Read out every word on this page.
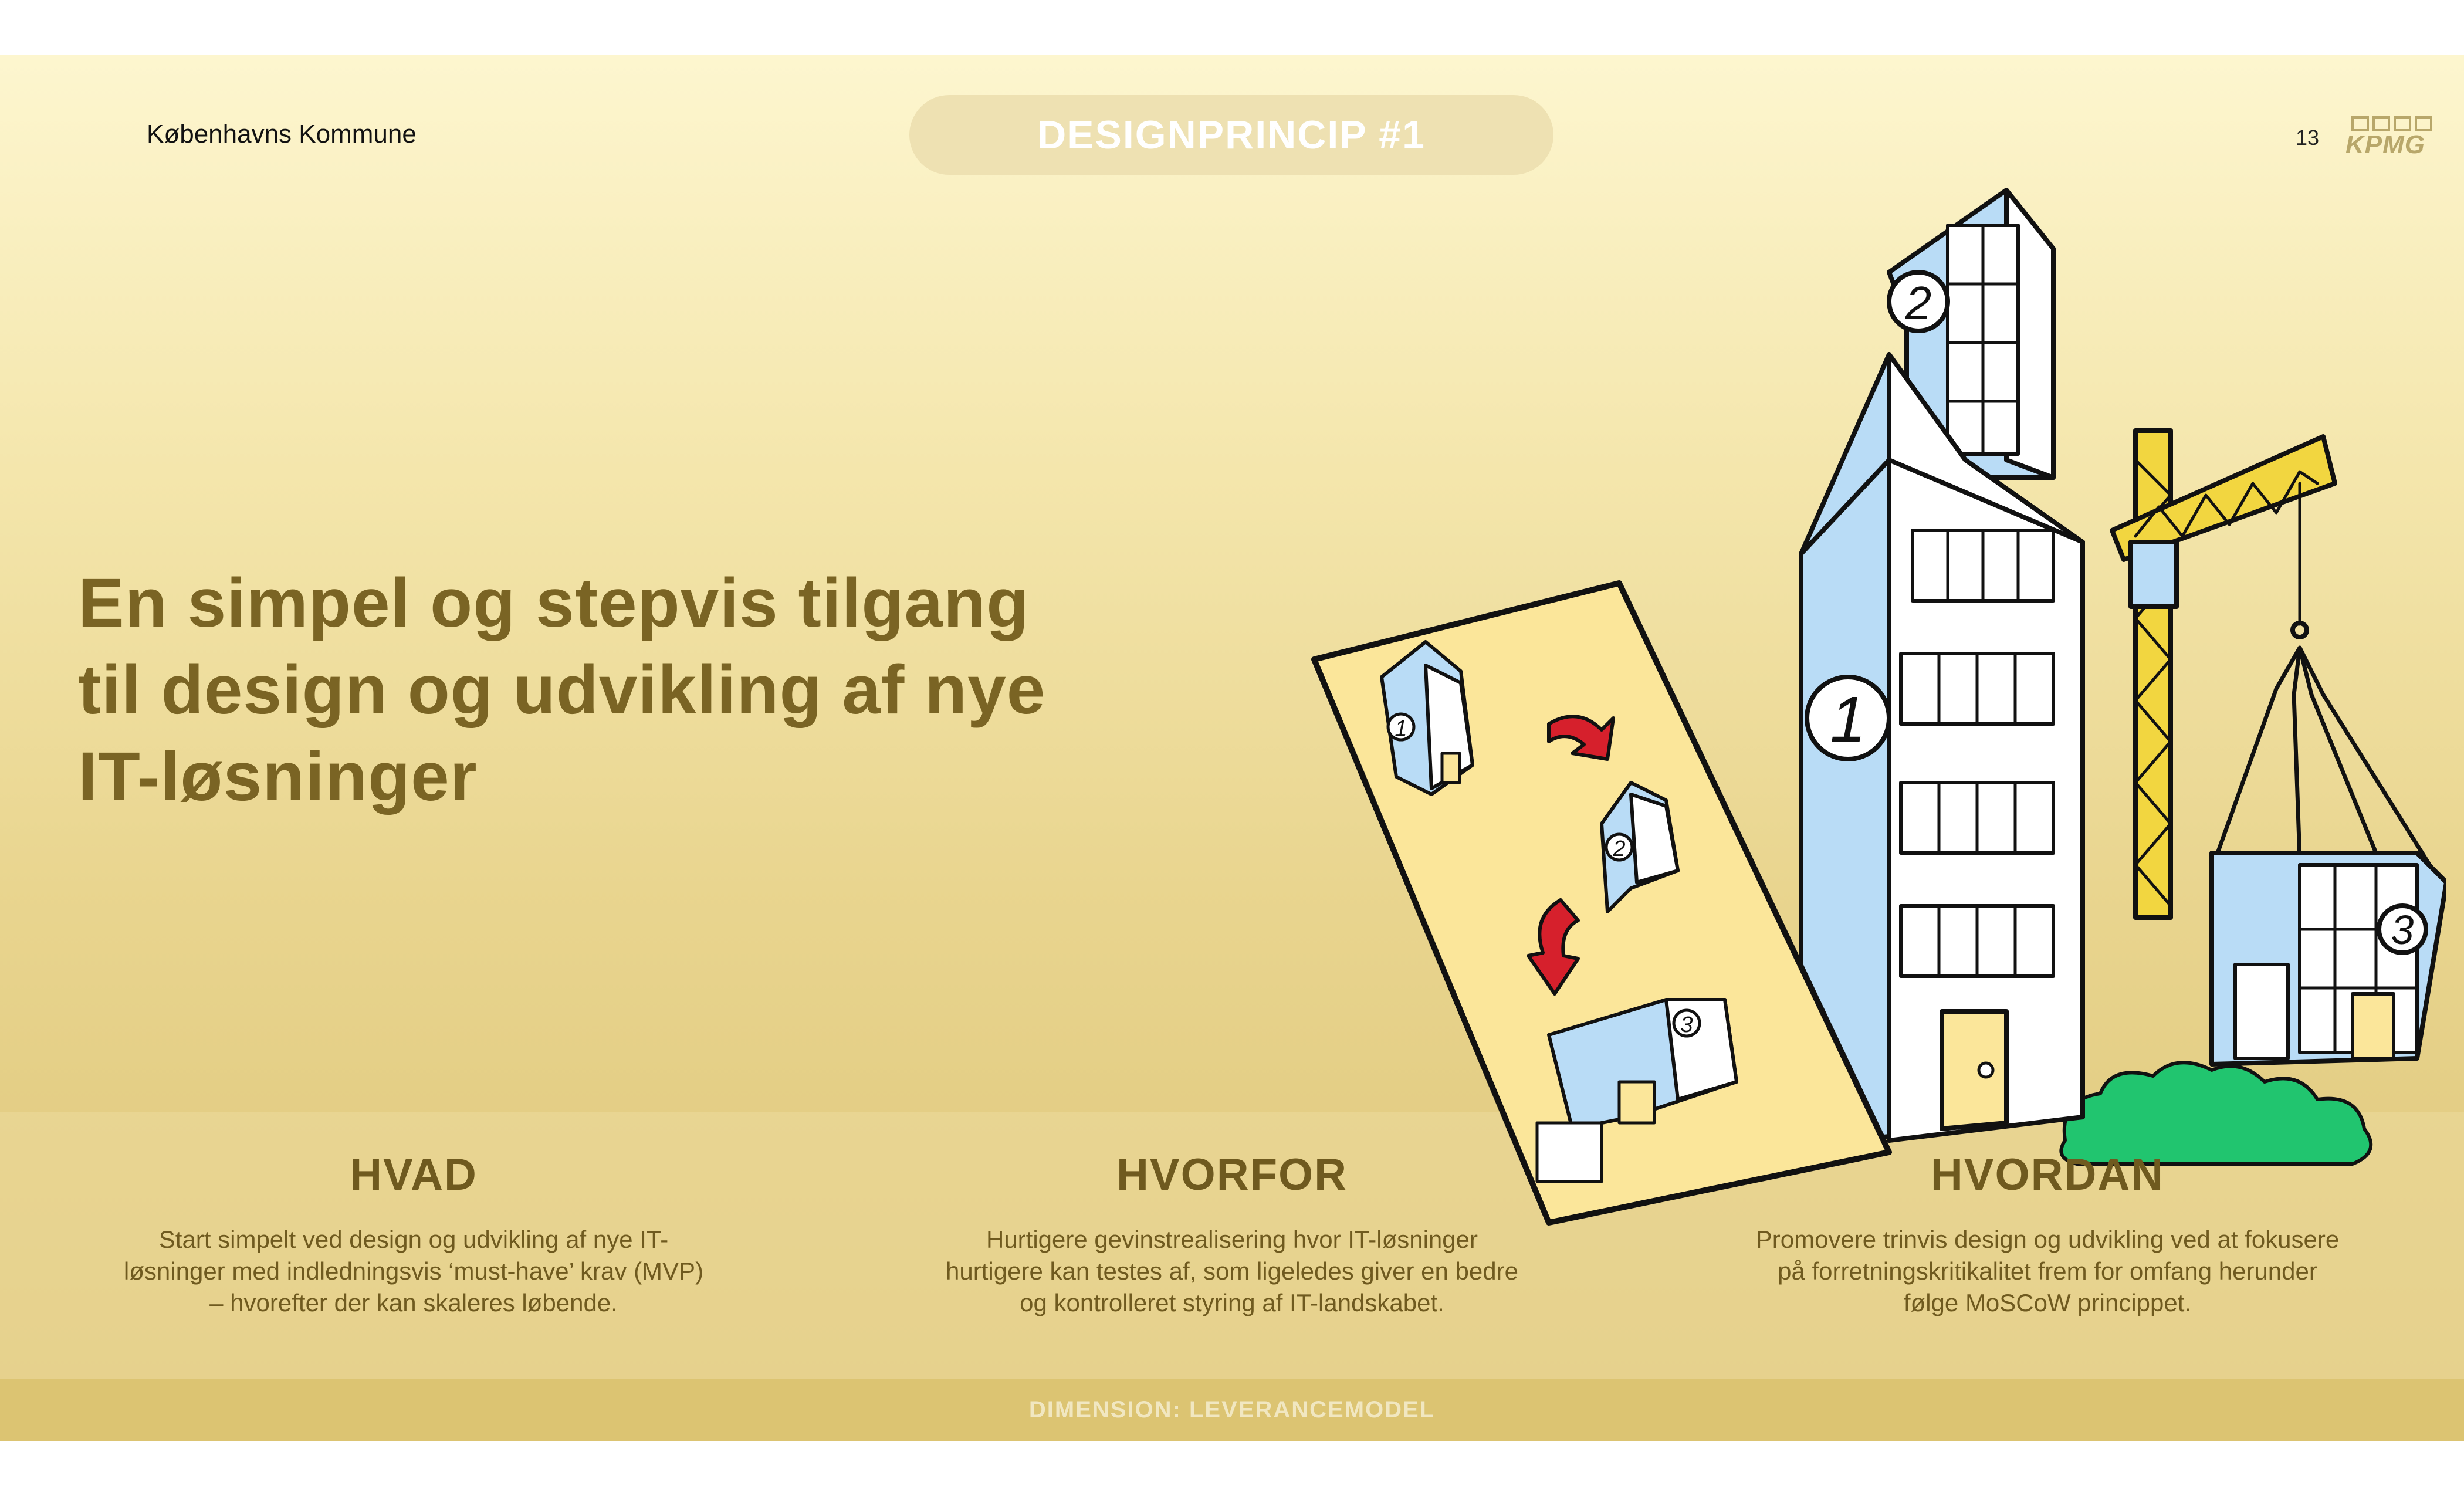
Københavns Kommune	DESIGNPRINCIP #1	13 KPMG
En simpel og stepvis tilgang
til design og udvikling af nye
IT-løsninger
1
2
1
2
3
3
HVAD

Start simpelt ved design og udvikling af nye IT-
løsninger med indledningsvis ‘must-have’ krav (MVP)
– hvorefter der kan skaleres løbende.

HVORFOR

Hurtigere gevinstrealisering hvor IT-løsninger
hurtigere kan testes af, som ligeledes giver en bedre
og kontrolleret styring af IT-landskabet.

HVORDAN

Promovere trinvis design og udvikling ved at fokusere
på forretningskritikalitet frem for omfang herunder
følge MoSCoW princippet.

DIMENSION: LEVERANCEMODEL
